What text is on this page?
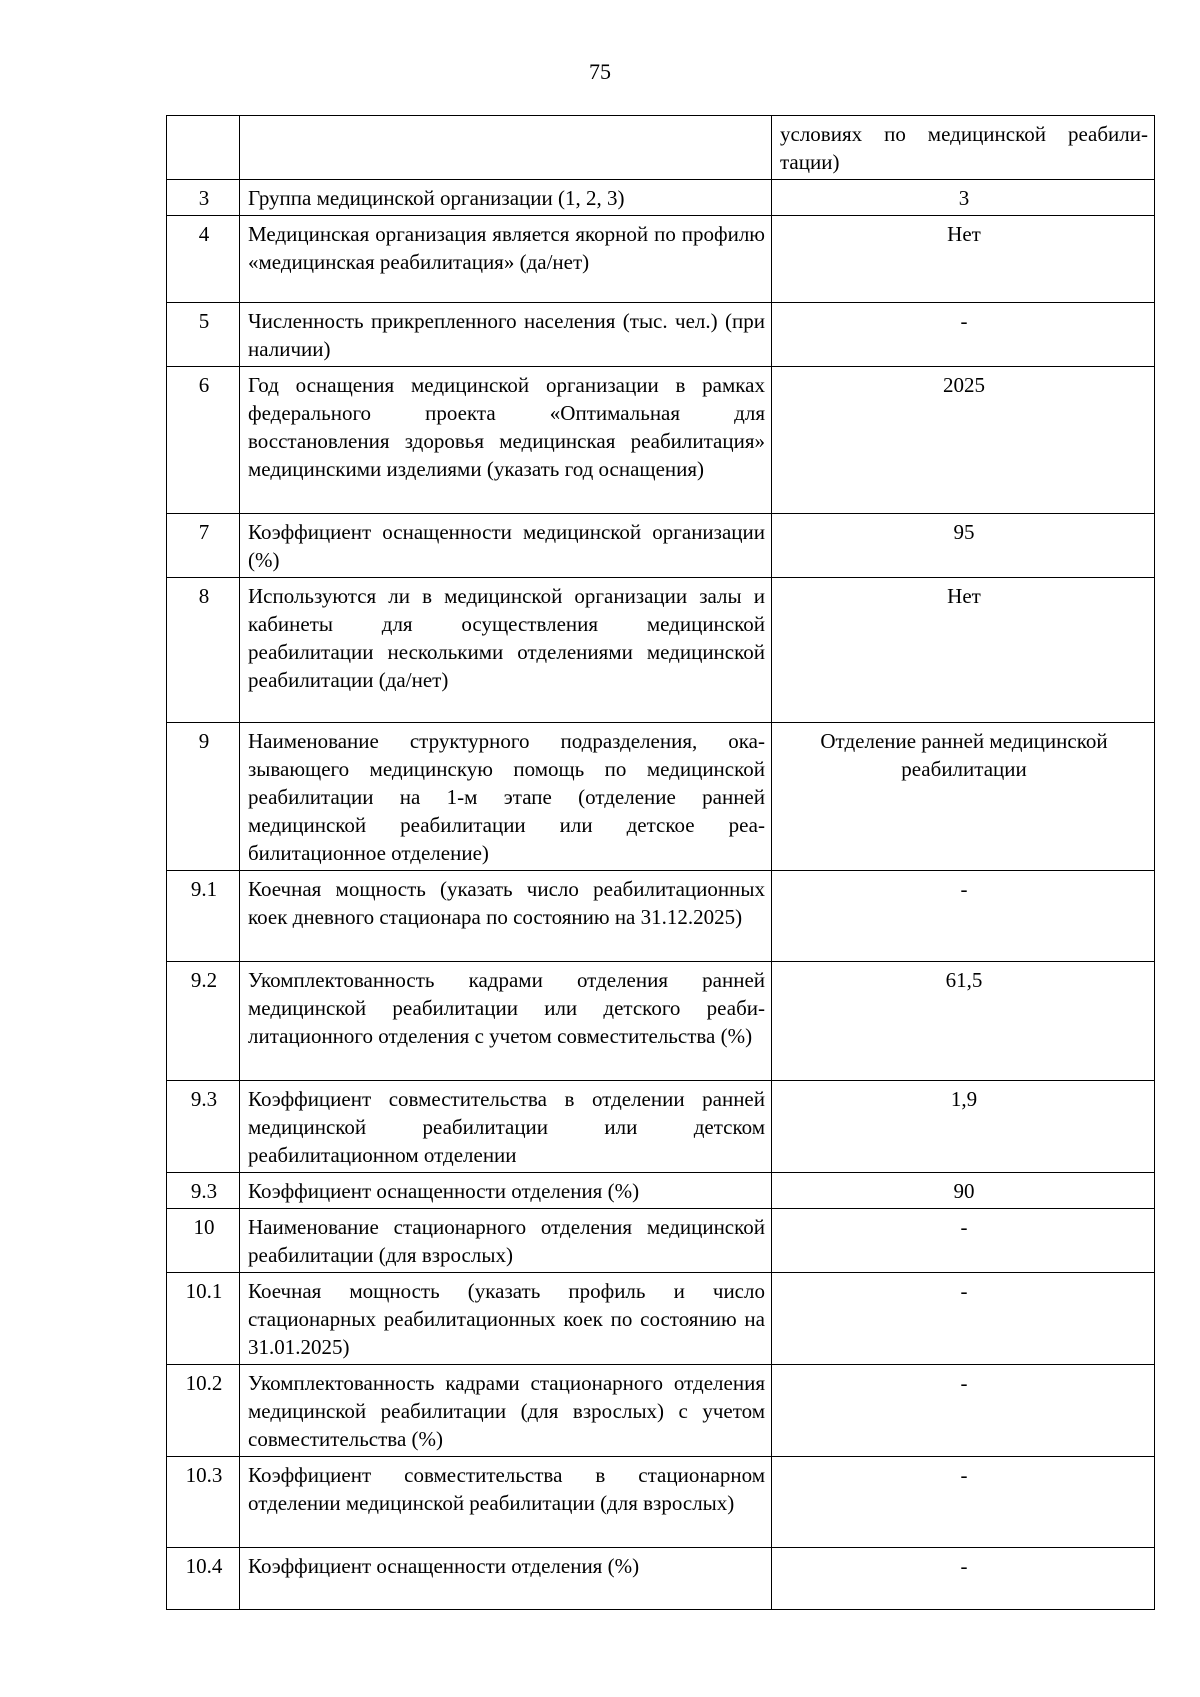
75
		условиях по медицинской реабилитации)
3	Группа медицинской организации (1, 2, 3)	3
4	Медицинская организация является якорной по профилю «медицинская реабилитация» (да/нет)	Нет
5	Численность прикрепленного населения (тыс. чел.) (при наличии)	-
6	Год оснащения медицинской организации в рамках федерального проекта «Оптимальная для восстановления здоровья медицинская реабилитация» медицинскими изделиями (указать год оснащения)	2025
7	Коэффициент оснащенности медицинской организации (%)	95
8	Используются ли в медицинской организации залы и кабинеты для осуществления медицинской реабилитации несколькими отделениями медицинской реабилитации (да/нет)	Нет
9	Наименование структурного подразделения, оказывающего медицинскую помощь по медицинской реабилитации на 1-м этапе (отделение ранней медицинской реабилитации или детское реабилитационное отделение)	Отделение ранней медицинской реабилитации
9.1	Коечная мощность (указать число реабилитационных коек дневного стационара по состоянию на 31.12.2025)	-
9.2	Укомплектованность кадрами отделения ранней медицинской реабилитации или детского реабилитационного отделения с учетом совместительства (%)	61,5
9.3	Коэффициент совместительства в отделении ранней медицинской реабилитации или детском реабилитационном отделении	1,9
9.3	Коэффициент оснащенности отделения (%)	90
10	Наименование стационарного отделения медицинской реабилитации (для взрослых)	-
10.1	Коечная мощность (указать профиль и число стационарных реабилитационных коек по состоянию на 31.01.2025)	-
10.2	Укомплектованность кадрами стационарного отделения медицинской реабилитации (для взрослых) с учетом совместительства (%)	-
10.3	Коэффициент совместительства в стационарном отделении медицинской реабилитации (для взрослых)	-
10.4	Коэффициент оснащенности отделения (%)	-
